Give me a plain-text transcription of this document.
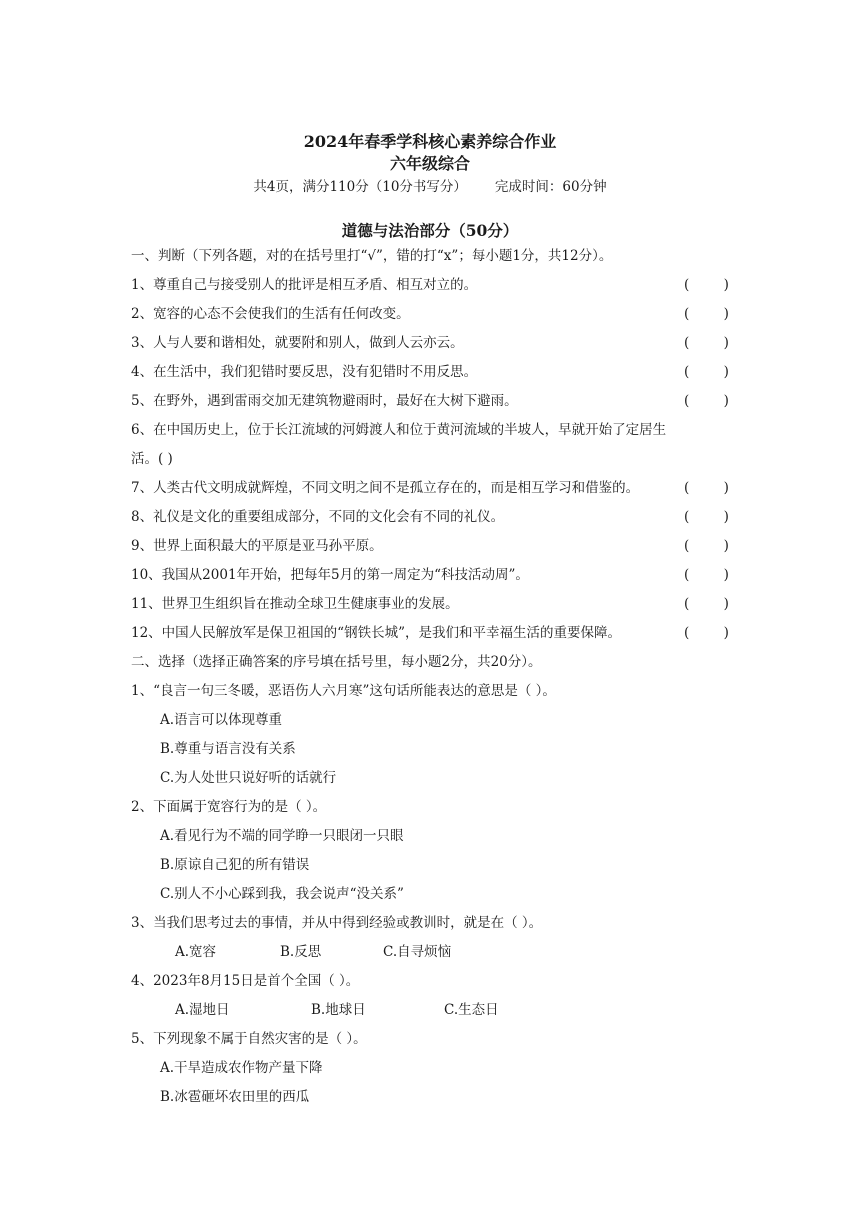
2024年春季学科核心素养综合作业
六年级综合
共4页，满分110分（10分书写分） 完成时间：60分钟
道德与法治部分（50分）
一、判断（下列各题，对的在括号里打“√”，错的打“x”；每小题1分，共12分）。
1、尊重自己与接受别人的批评是相互矛盾、相互对立的。	(        )
2、宽容的心态不会使我们的生活有任何改变。	(        )
3、人与人要和谐相处，就要附和别人，做到人云亦云。	(        )
4、在生活中，我们犯错时要反思，没有犯错时不用反思。	(        )
5、在野外，遇到雷雨交加无建筑物避雨时，最好在大树下避雨。	(        )
6、在中国历史上，位于长江流域的河姆渡人和位于黄河流域的半坡人，早就开始了定居生
活。( )
7、人类古代文明成就辉煌，不同文明之间不是孤立存在的，而是相互学习和借鉴的。	(        )
8、礼仪是文化的重要组成部分，不同的文化会有不同的礼仪。	(        )
9、世界上面积最大的平原是亚马孙平原。	(        )
10、我国从2001年开始，把每年5月的第一周定为“科技活动周”。	(        )
11、世界卫生组织旨在推动全球卫生健康事业的发展。	(        )
12、中国人民解放军是保卫祖国的“钢铁长城”，是我们和平幸福生活的重要保障。	(        )
二、选择（选择正确答案的序号填在括号里，每小题2分，共20分）。
1、“良言一句三冬暖，恶语伤人六月寒”这句话所能表达的意思是（ ）。
A.语言可以体现尊重
B.尊重与语言没有关系
C.为人处世只说好听的话就行
2、下面属于宽容行为的是（ ）。
A.看见行为不端的同学睁一只眼闭一只眼
B.原谅自己犯的所有错误
C.别人不小心踩到我，我会说声“没关系”
3、当我们思考过去的事情，并从中得到经验或教训时，就是在（ ）。
A.宽容	B.反思	C.自寻烦恼
4、2023年8月15日是首个全国（ ）。
A.湿地日	B.地球日	C.生态日
5、下列现象不属于自然灾害的是（ ）。
A.干旱造成农作物产量下降
B.冰雹砸坏农田里的西瓜
